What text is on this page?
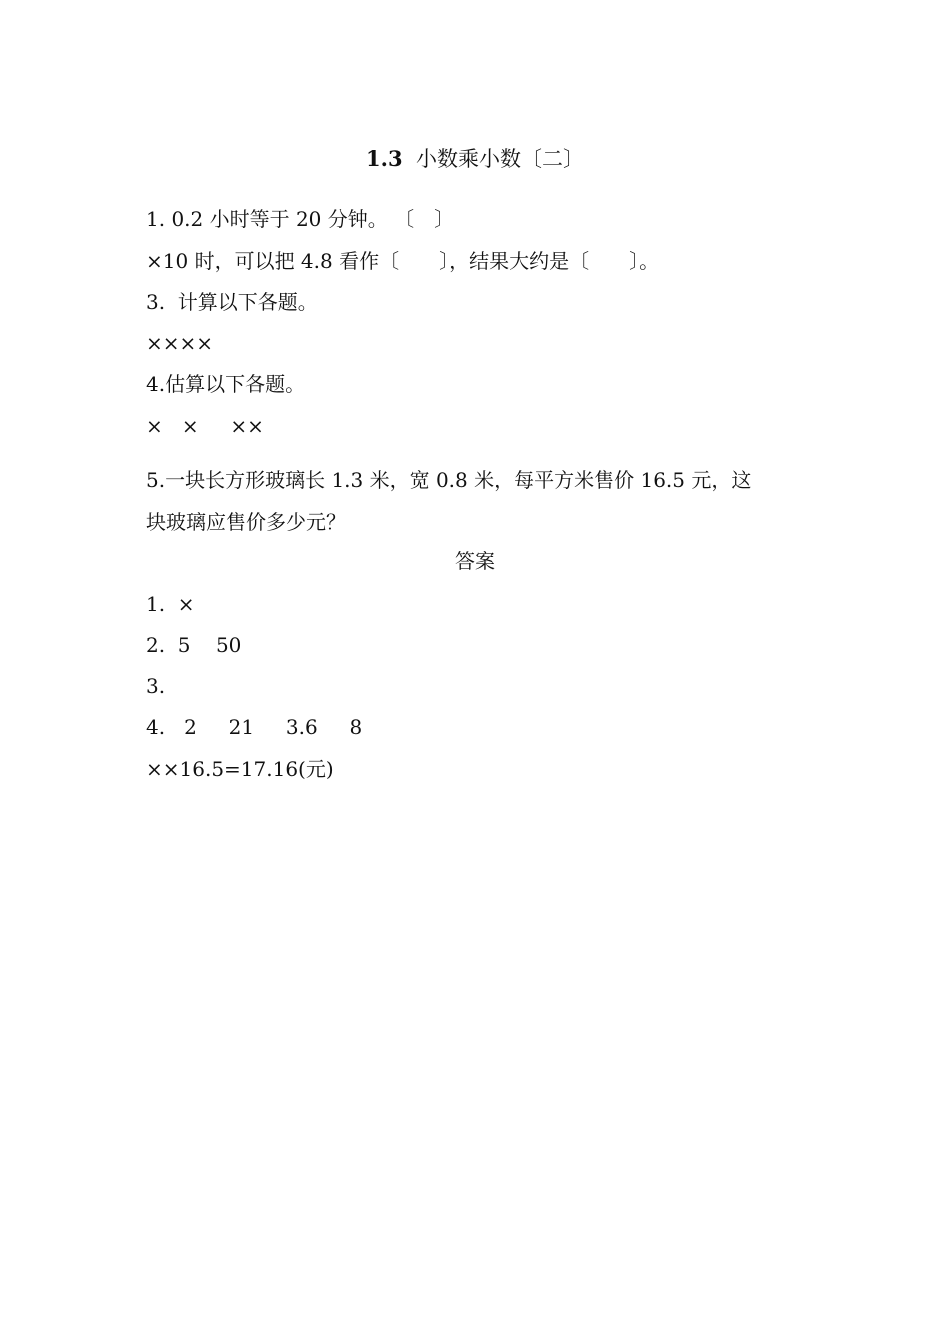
1.3 小数乘小数〔二〕
1. 0.2 小时等于 20 分钟。 〔　〕
×10 时，可以把 4.8 看作〔　　〕，结果大约是〔　　〕。
3.  计算以下各题。
××××
4.估算以下各题。
×   ×     ××
5.一块长方形玻璃长 1.3 米，宽 0.8 米，每平方米售价 16.5 元，这
块玻璃应售价多少元？
答案
1.  ×
2.  5    50
3.
4.   2     21     3.6     8
××16.5=17.16(元)
